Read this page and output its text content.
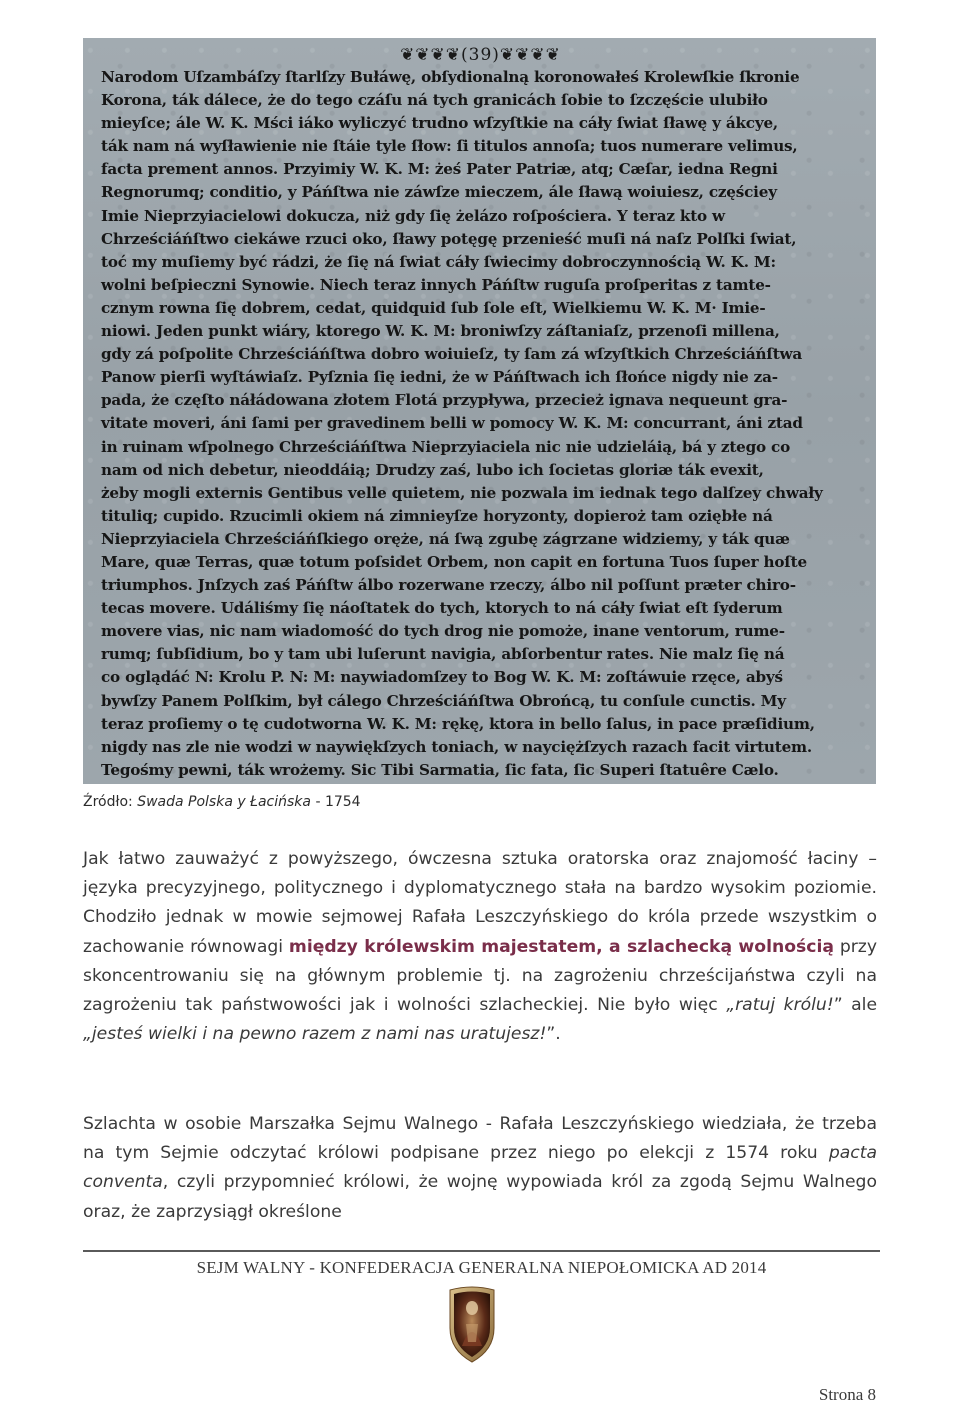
❦❦❦❦(39)❦❦❦❦
Narodom Uſzambáſzy ſtarlſzy Bułáwę, obſydionalną koronowałeś Krolewſkie ſkronie
Korona, ták dálece, że do tego czáſu ná tych granicách ſobie to ſzczęście ulubiło
mieyſce; ále W. K. Mści iáko wyliczyć trudno wſzyſtkie na cáły ſwiat ſławę y ákcye,
ták nam ná wyſławienie nie ſtáie tyle ſłow: ſi titulos annoſa; tuos numerare velimus,
facta prement annos. Przyimiy W. K. M: żeś Pater Patriæ, atq; Cæſar, iedna Regni
Regnorumq; conditio, y Páńſtwa nie záwſze mieczem, ále ſławą woiuiesz, częściey
Imie Nieprzyiacielowi dokucza, niż gdy ſię żelázo roſpościera. Y teraz kto w
Chrześciáńſtwo ciekáwe rzuci oko, ſławy potęgę przenieść muſi ná naſz Polſki ſwiat,
toć my muſiemy być rádzi, że ſię ná ſwiat cáły ſwiecimy dobroczynnością W. K. M:
wolni beſpieczni Synowie. Niech teraz innych Páńſtw ruguſa proſperitas z tamte-
cznym rowna ſię dobrem, cedat, quidquid ſub ſole eſt, Wielkiemu W. K. M· Imie-
niowi. Jeden punkt wiáry, ktorego W. K. M: broniwſzy záſtaniaſz, przenoſi millena,
gdy zá poſpolite Chrześciáńſtwa dobro woiuieſz, ty ſam zá wſzyſtkich Chrześciáńſtwa
Panow pierſi wyſtáwiaſz. Pyſznia ſię iedni, że w Páńſtwach ich ſłońce nigdy nie za-
pada, że częſto náłádowana złotem Flotá przypływa, przecież ignava nequeunt gra-
vitate moveri, áni ſami per gravedinem belli w pomocy W. K. M: concurrant, áni ztad
in ruinam wſpolnego Chrześciáńſtwa Nieprzyiaciela nic nie udzieláią, bá y ztego co
nam od nich debetur, nieoddáią; Drudzy zaś, lubo ich ſocietas gloriæ ták evexit,
żeby mogli externis Gentibus velle quietem, nie pozwala im iednak tego dalſzey chwały
tituliq; cupido. Rzucimli okiem ná zimnieyſze horyzonty, dopieroż tam oziębłe ná
Nieprzyiaciela Chrześciáńſkiego oręże, ná ſwą zgubę zágrzane widziemy, y ták quæ
Mare, quæ Terras, quæ totum poſsidet Orbem, non capit en fortuna Tuos ſuper hoſte
triumphos. Jnſzych zaś Páńſtw álbo rozerwane rzeczy, álbo nil poſſunt præter chiro-
tecas movere. Událiśmy ſię náoſtatek do tych, ktorych to ná cáły ſwiat eſt ſyderum
movere vias, nic nam wiadomość do tych drog nie pomoże, inane ventorum, rume-
rumq; ſubſidium, bo y tam ubi luſerunt navigia, abſorbentur rates. Nie malz ſię ná
co oglądáć N: Krolu P. N: M: naywiadomſzey to Bog W. K. M: zoſtáwuie rzęce, abyś
bywſzy Panem Polſkim, był cálego Chrześciáńſtwa Obrońcą, tu conſule cunctis. My
teraz proſiemy o tę cudotworna W. K. M: rękę, ktora in bello ſalus, in pace præſidium,
nigdy nas zle nie wodzi w naywiękſzych toniach, w nayciężſzych razach facit virtutem.
Tegośmy pewni, ták wrożemy. Sic Tibi Sarmatia, ſic fata, ſic Superi ſtatuêre Cælo.
Źródło: Swada Polska y Łacińska - 1754

Jak łatwo zauważyć z powyższego, ówczesna sztuka oratorska oraz znajomość łaciny – języka precyzyjnego, politycznego i dyplomatycznego stała na bardzo wysokim poziomie. Chodziło jednak w mowie sejmowej Rafała Leszczyńskiego do króla przede wszystkim o zachowanie równowagi między królewskim majestatem, a szlachecką wolnością przy skoncentrowaniu się na głównym problemie tj. na zagrożeniu chrześcijaństwa czyli na zagrożeniu tak państwowości jak i wolności szlacheckiej. Nie było więc „ratuj królu!” ale „jesteś wielki i na pewno razem z nami nas uratujesz!”.

Szlachta w osobie Marszałka Sejmu Walnego - Rafała Leszczyńskiego wiedziała, że trzeba na tym Sejmie odczytać królowi podpisane przez niego po elekcji z 1574 roku pacta conventa, czyli przypomnieć królowi, że wojnę wypowiada król za zgodą Sejmu Walnego oraz, że zaprzysiągł określone

SEJM WALNY - KONFEDERACJA GENERALNA NIEPOŁOMICKA AD 2014
Strona 8
